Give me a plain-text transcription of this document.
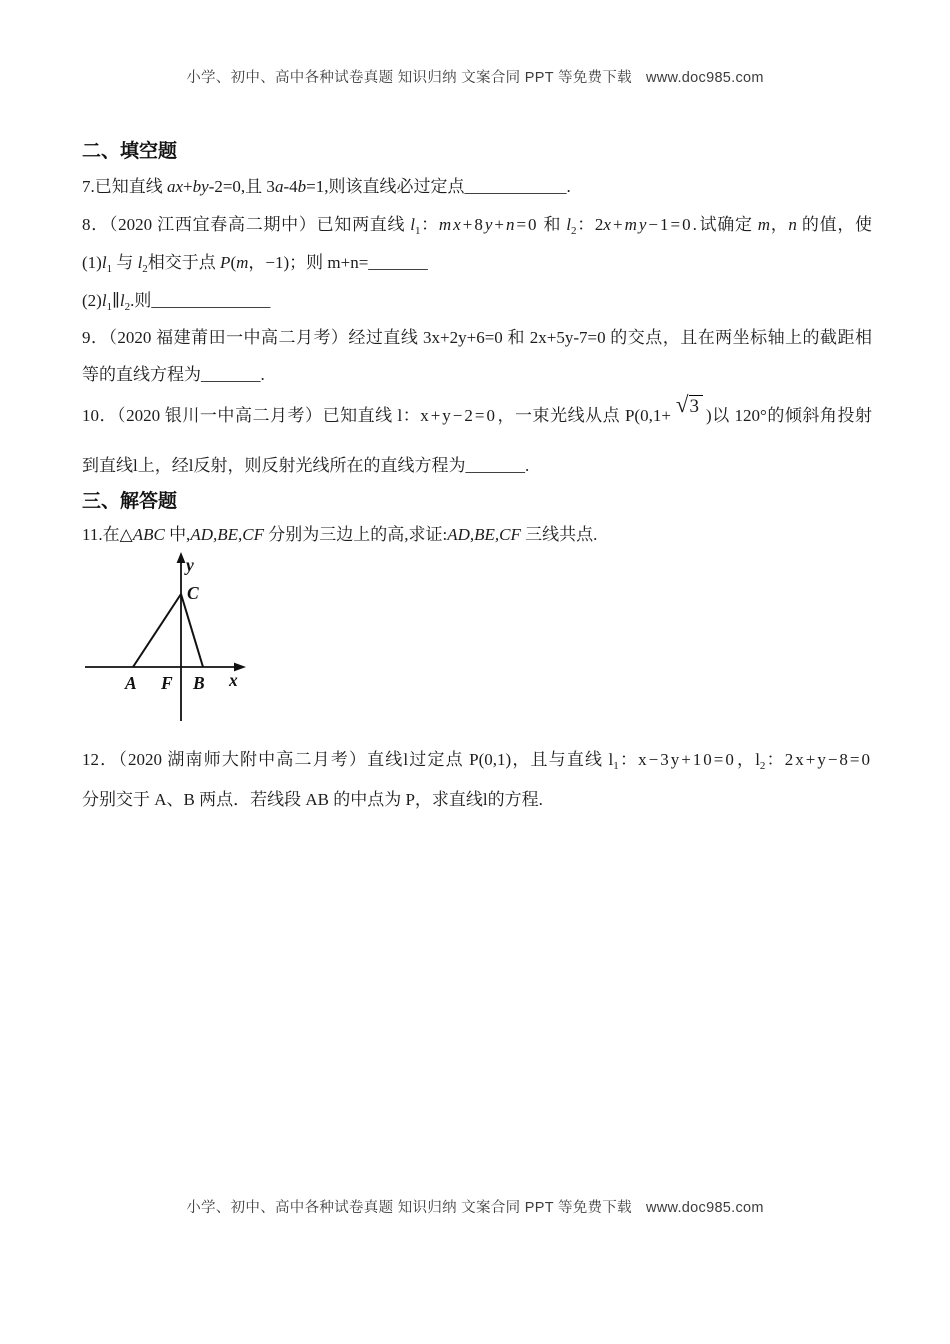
小学、初中、高中各种试卷真题 知识归纳 文案合同 PPT 等免费下载 www.doc985.com
二、填空题
7.已知直线 ax+by-2=0,且 3a-4b=1,则该直线必过定点____________.
8．（2020 江西宜春高二期中）已知两直线 $l_1$：mx+8y+n=0 和 $l_2$：2x+my−1=0.试确定 m，n 的值，使
$(1)l_1$ 与 $l_2$相交于点 P(m，−1)；则 m+n=_______
$(2)l_1\parallel l_2$.则______________
9．（2020 福建莆田一中高二月考）经过直线 3x+2y+6=0 和 2x+5y-7=0 的交点，且在两坐标轴上的截距相
等的直线方程为_______.
10．（2020 银川一中高二月考）已知直线 l：x+y−2=0，一束光线从点 P(0,1+ √3 )以 120°的倾斜角投射
到直线l上，经l反射，则反射光线所在的直线方程为_______.
三、解答题
11.在△ABC 中,AD,BE,CF 分别为三边上的高,求证:AD,BE,CF 三线共点.
y
C
A F B x
12．（2020 湖南师大附中高二月考）直线l过定点 P(0,1)，且与直线 $l_1$：x−3y+10=0，$l_2$：2x+y−8=0
分别交于 A、B 两点．若线段 AB 的中点为 P，求直线l的方程.
小学、初中、高中各种试卷真题 知识归纳 文案合同 PPT 等免费下载 www.doc985.com
